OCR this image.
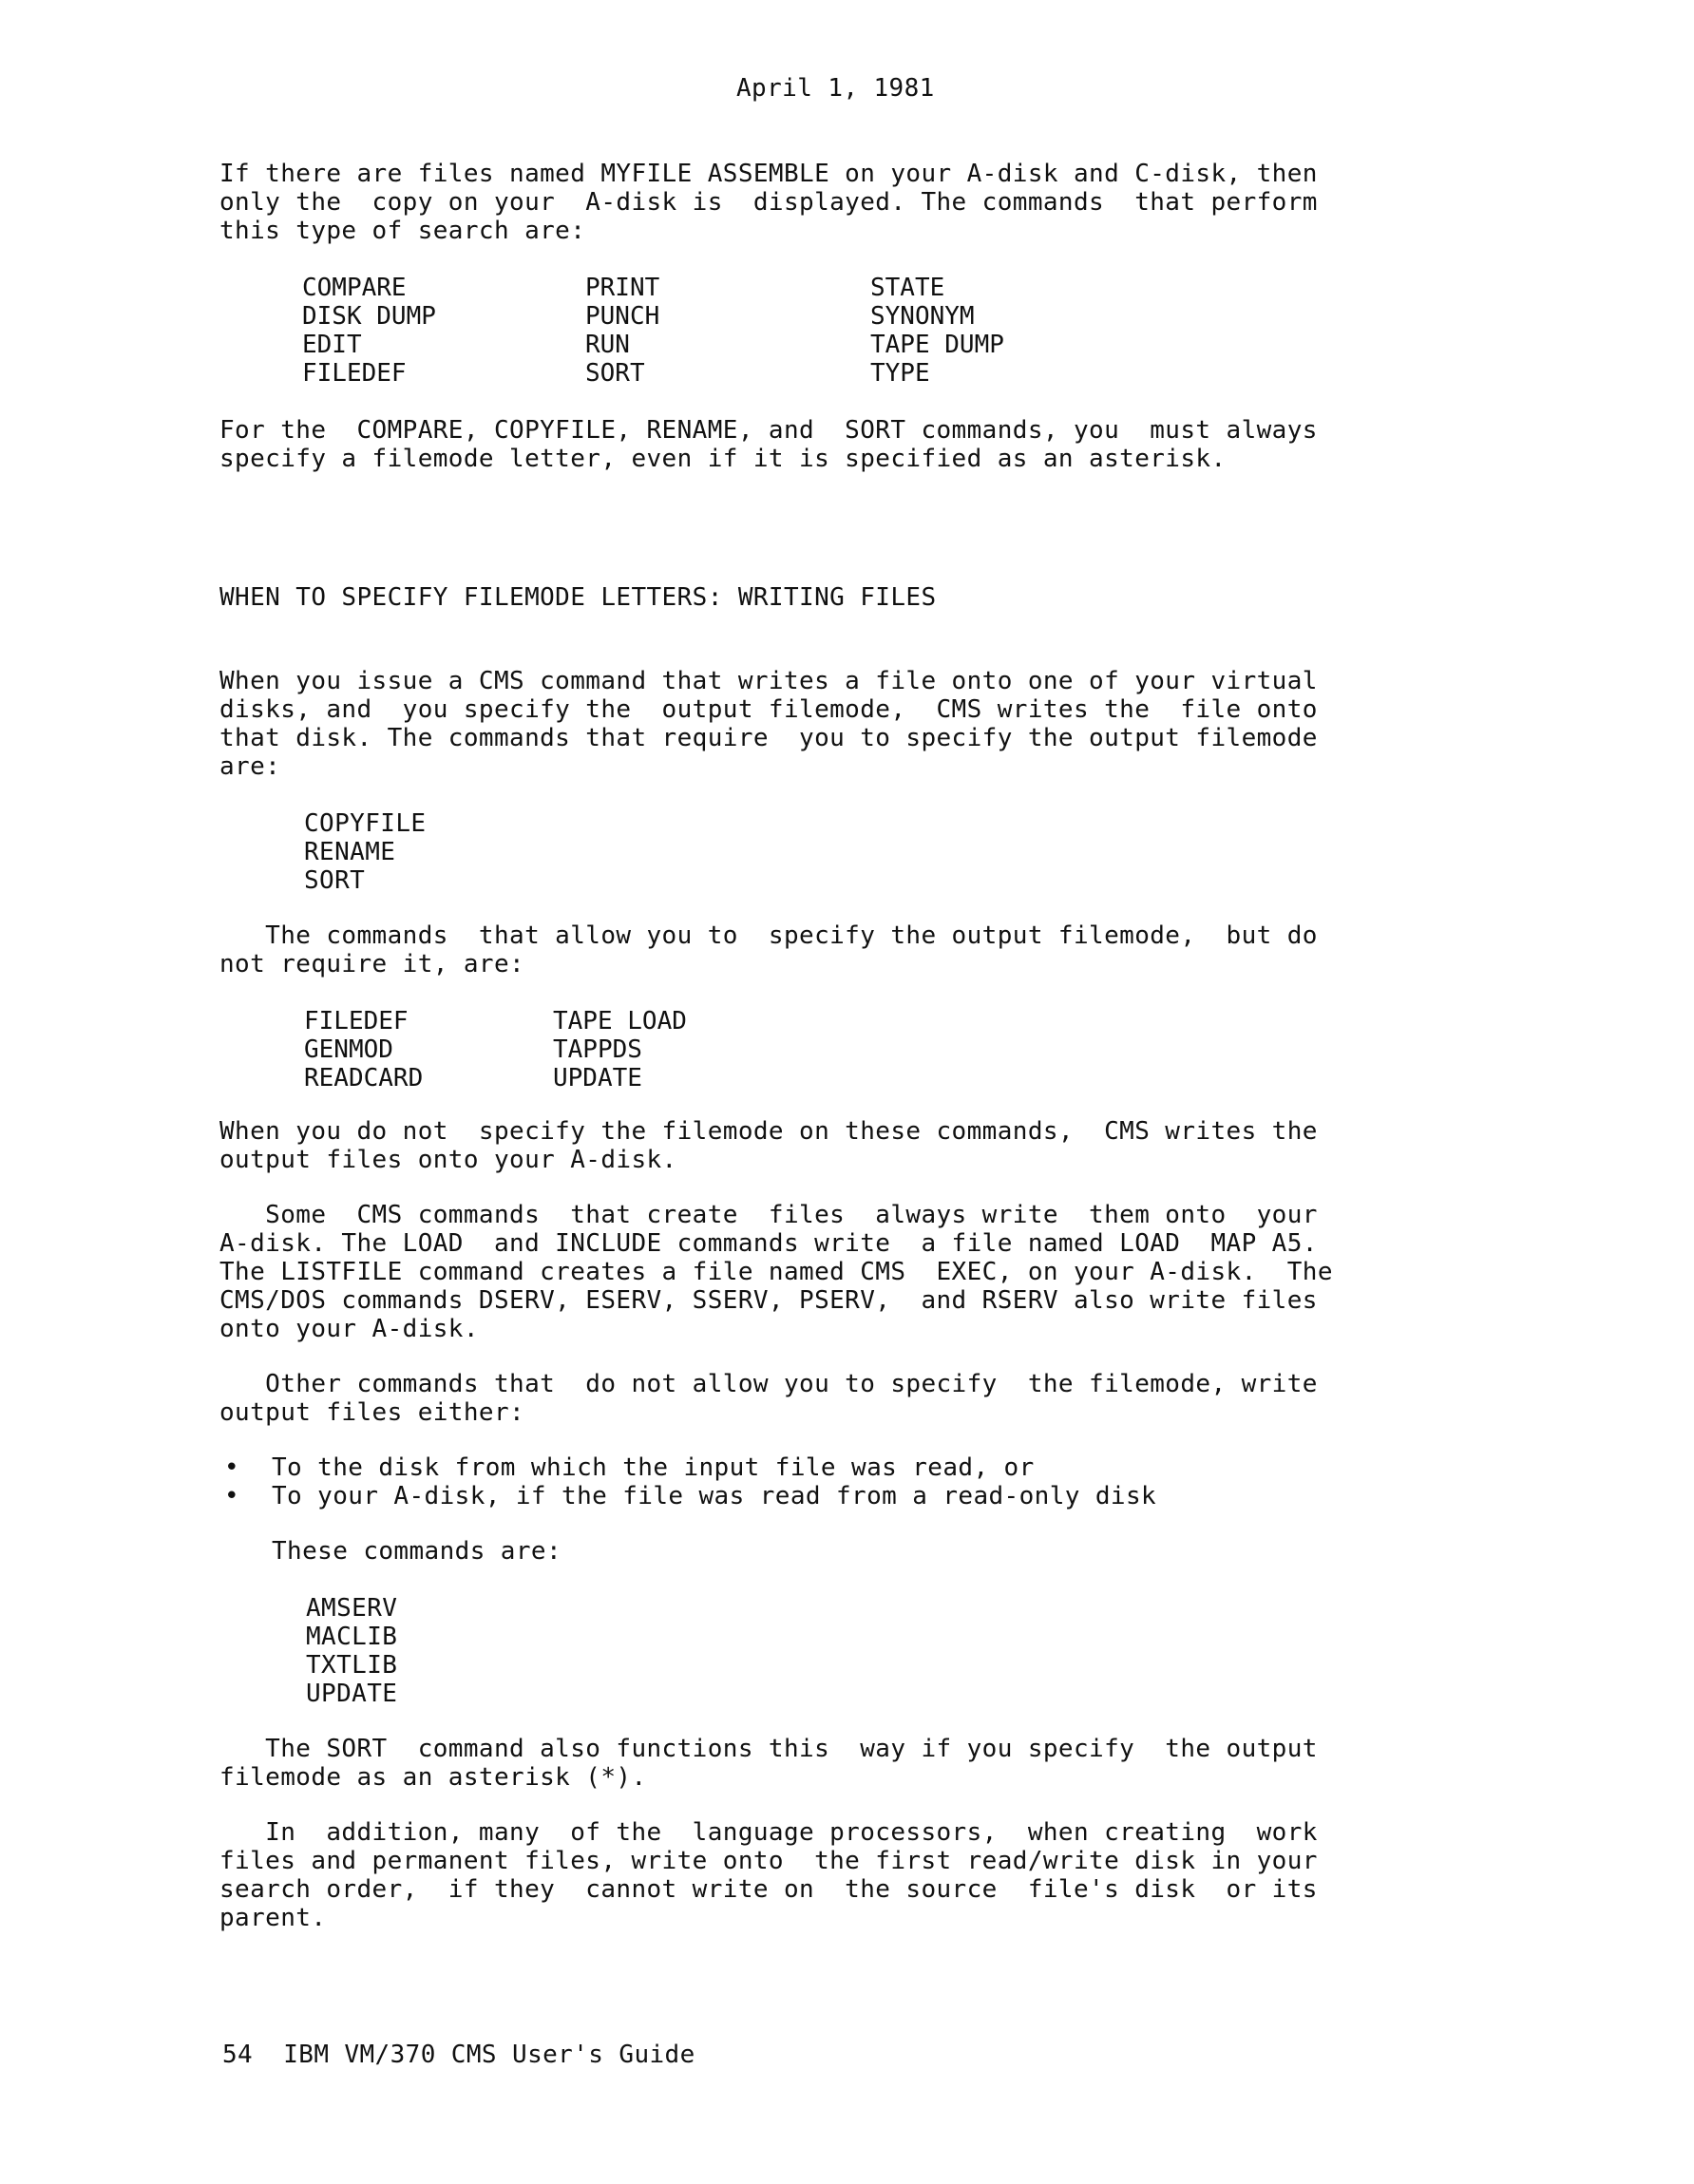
April 1, 1981

If there are files named MYFILE ASSEMBLE on your A-disk and C-disk, then

only the  copy on your  A-disk is  displayed. The commands  that perform

this type of search are:

COMPARE
DISK DUMP
EDIT
FILEDEF
PRINT
PUNCH
RUN
SORT
STATE
SYNONYM
TAPE DUMP
TYPE

For the  COMPARE, COPYFILE, RENAME, and  SORT commands, you  must always

specify a filemode letter, even if it is specified as an asterisk.

WHEN TO SPECIFY FILEMODE LETTERS: WRITING FILES

When you issue a CMS command that writes a file onto one of your virtual

disks, and  you specify the  output filemode,  CMS writes the  file onto

that disk. The commands that require  you to specify the output filemode

are:

COPYFILE

RENAME

SORT

The commands  that allow you to  specify the output filemode,  but do

not require it, are:

FILEDEF
GENMOD
READCARD
TAPE LOAD
TAPPDS
UPDATE

When you do not  specify the filemode on these commands,  CMS writes the

output files onto your A-disk.

Some  CMS commands  that create  files  always write  them onto  your

A-disk. The LOAD  and INCLUDE commands write  a file named LOAD  MAP A5.

The LISTFILE command creates a file named CMS  EXEC, on your A-disk.  The

CMS/DOS commands DSERV, ESERV, SSERV, PSERV,  and RSERV also write files

onto your A-disk.

Other commands that  do not allow you to specify  the filemode, write

output files either:

• To the disk from which the input file was read, or

• To your A-disk, if the file was read from a read-only disk

These commands are:

AMSERV

MACLIB

TXTLIB

UPDATE

The SORT  command also functions this  way if you specify  the output

filemode as an asterisk (*).

In  addition, many  of the  language processors,  when creating  work

files and permanent files, write onto  the first read/write disk in your

search order,  if they  cannot write on  the source  file's disk  or its

parent.

54  IBM VM/370 CMS User's Guide
